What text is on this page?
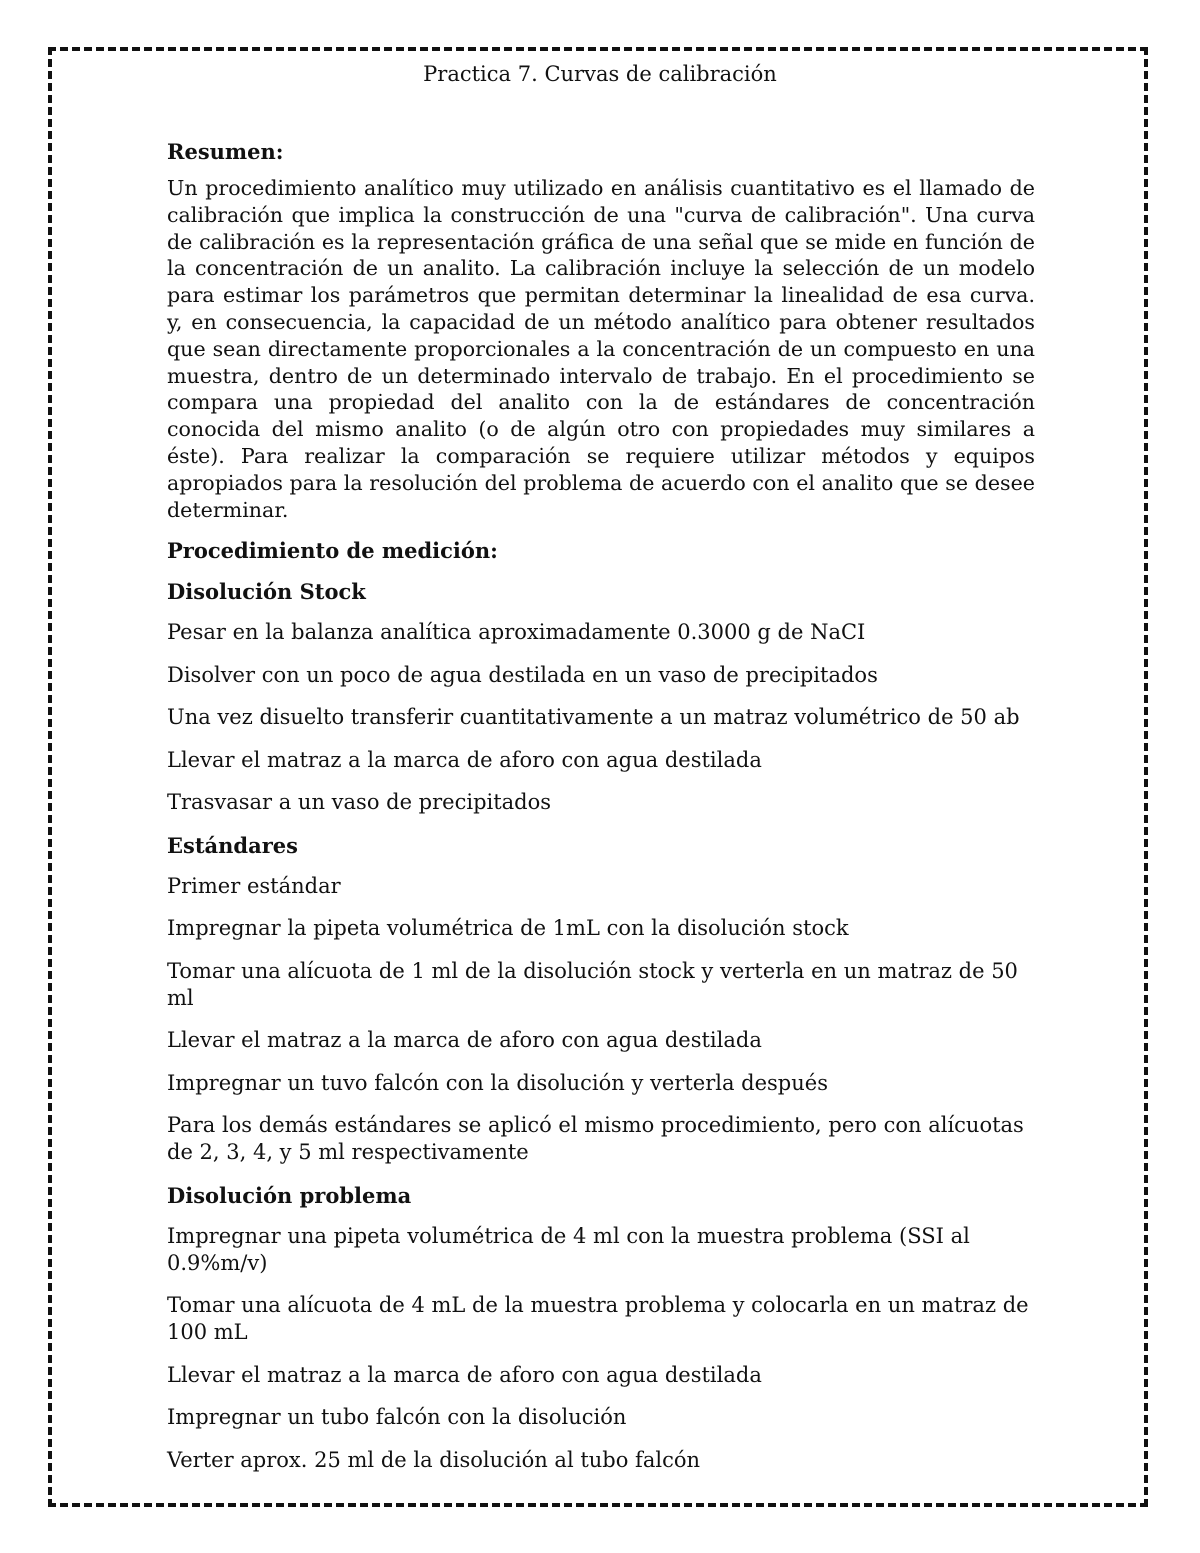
Practica 7. Curvas de calibración
Resumen:

Un procedimiento analítico muy utilizado en análisis cuantitativo es el llamado de calibración que implica la construcción de una "curva de calibración". Una curva de calibración es la representación gráfica de una señal que se mide en función de la concentración de un analito. La calibración incluye la selección de un modelo para estimar los parámetros que permitan determinar la linealidad de esa curva. y, en consecuencia, la capacidad de un método analítico para obtener resultados que sean directamente proporcionales a la concentración de un compuesto en una muestra, dentro de un determinado intervalo de trabajo. En el procedimiento se compara una propiedad del analito con la de estándares de concentración conocida del mismo analito (o de algún otro con propiedades muy similares a éste). Para realizar la comparación se requiere utilizar métodos y equipos apropiados para la resolución del problema de acuerdo con el analito que se desee determinar.

Procedimiento de medición:
Disolución Stock

Pesar en la balanza analítica aproximadamente 0.3000 g de NaCI

Disolver con un poco de agua destilada en un vaso de precipitados

Una vez disuelto transferir cuantitativamente a un matraz volumétrico de 50 ab

Llevar el matraz a la marca de aforo con agua destilada

Trasvasar a un vaso de precipitados

Estándares

Primer estándar

Impregnar la pipeta volumétrica de 1mL con la disolución stock

Tomar una alícuota de 1 ml de la disolución stock y verterla en un matraz de 50 ml

Llevar el matraz a la marca de aforo con agua destilada

Impregnar un tuvo falcón con la disolución y verterla después

Para los demás estándares se aplicó el mismo procedimiento, pero con alícuotas de 2, 3, 4, y 5 ml respectivamente

Disolución problema

Impregnar una pipeta volumétrica de 4 ml con la muestra problema (SSI al 0.9%m/v)

Tomar una alícuota de 4 mL de la muestra problema y colocarla en un matraz de 100 mL

Llevar el matraz a la marca de aforo con agua destilada

Impregnar un tubo falcón con la disolución

Verter aprox. 25 ml de la disolución al tubo falcón
